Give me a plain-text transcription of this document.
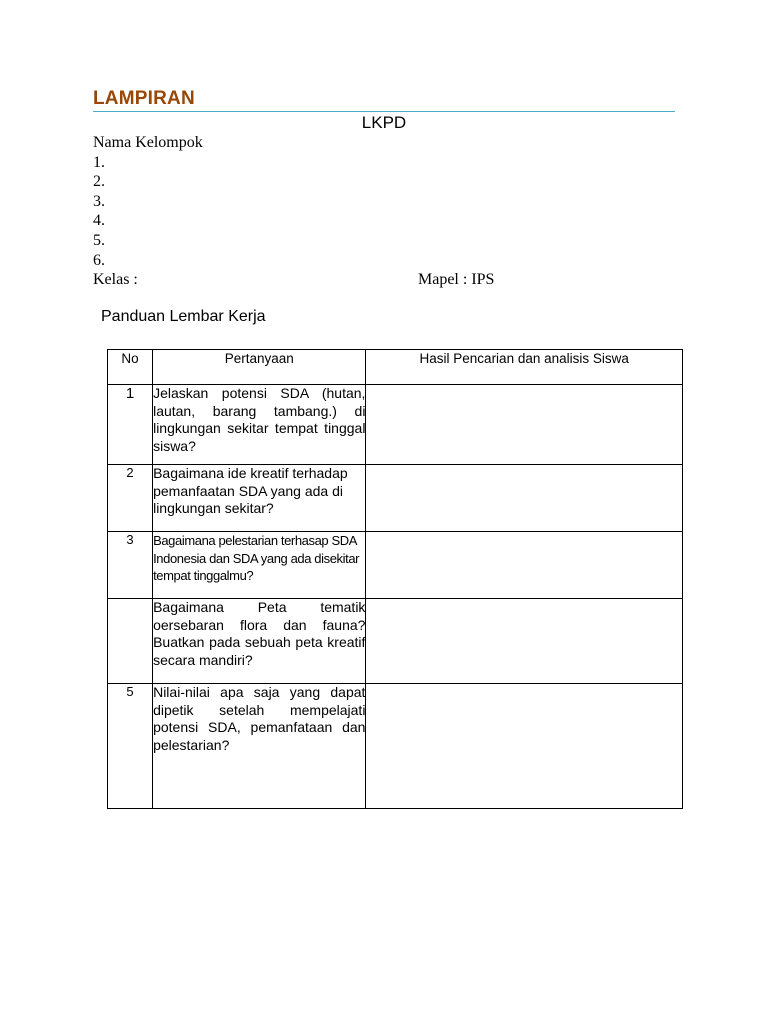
LAMPIRAN
LKPD
Nama Kelompok
1.
2.
3.
4.
5.
6.
Kelas :	Mapel : IPS
Panduan Lembar Kerja
No	Pertanyaan	Hasil Pencarian dan analisis Siswa
1	Jelaskan potensi SDA (hutan, lautan, barang tambang.) di lingkungan sekitar tempat tinggal siswa?	
2	Bagaimana ide kreatif terhadap pemanfaatan SDA yang ada di lingkungan sekitar?	
3	Bagaimana pelestarian terhasap SDA Indonesia dan SDA yang ada disekitar tempat tinggalmu?	
	Bagaimana Peta tematik oersebaran flora dan fauna? Buatkan pada sebuah peta kreatif secara mandiri?	
5	Nilai-nilai apa saja yang dapat dipetik setelah mempelajati potensi SDA, pemanfataan dan pelestarian?	
